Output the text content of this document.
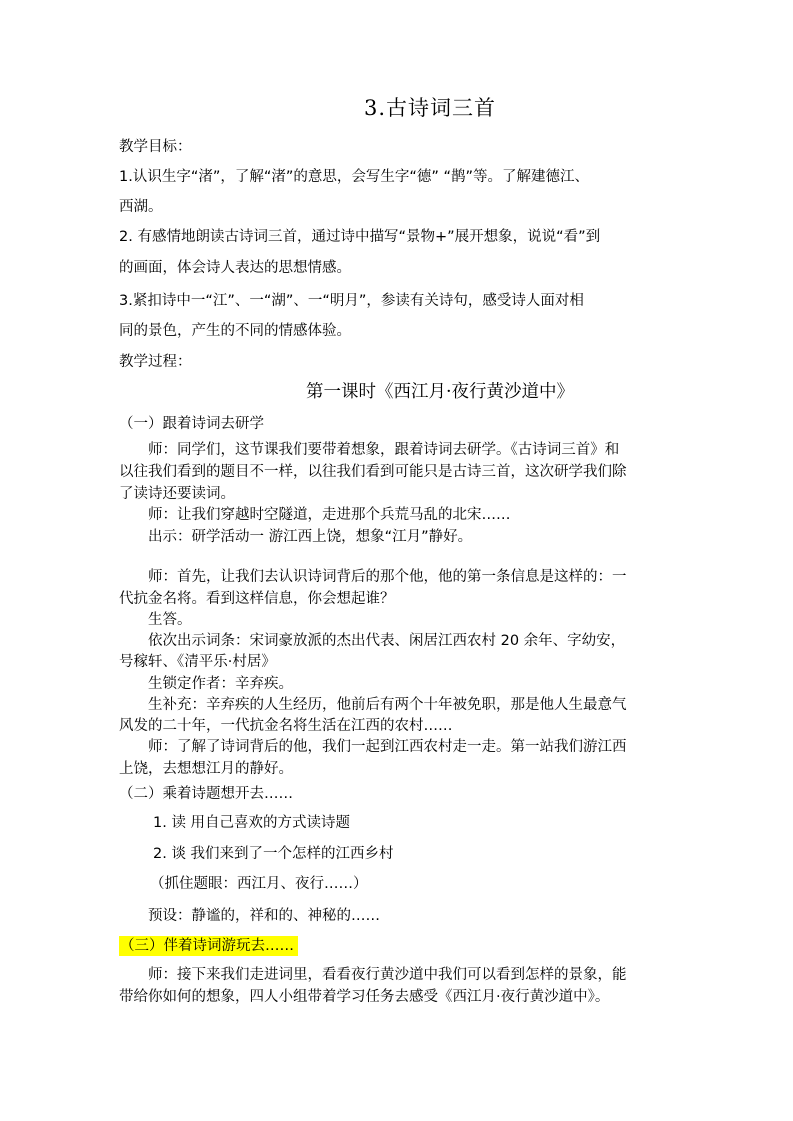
3.古诗词三首
教学目标：
1.认识生字“渚”，了解“渚”的意思，会写生字“德” “鹊”等。了解建德江、
西湖。
2. 有感情地朗读古诗词三首，通过诗中描写“景物+”展开想象，说说“看”到
的画面，体会诗人表达的思想情感。
3.紧扣诗中一“江”、一“湖”、一“明月”，参读有关诗句，感受诗人面对相
同的景色，产生的不同的情感体验。
教学过程：
第一课时《西江月·夜行黄沙道中》
（一）跟着诗词去研学
师：同学们，这节课我们要带着想象，跟着诗词去研学。《古诗词三首》和
以往我们看到的题目不一样，以往我们看到可能只是古诗三首，这次研学我们除
了读诗还要读词。
师：让我们穿越时空隧道，走进那个兵荒马乱的北宋……
出示：研学活动一 游江西上饶，想象“江月”静好。
师：首先，让我们去认识诗词背后的那个他，他的第一条信息是这样的：一
代抗金名将。看到这样信息，你会想起谁？
生答。
依次出示词条：宋词豪放派的杰出代表、闲居江西农村 20 余年、字幼安，
号稼轩、《清平乐·村居》
生锁定作者：辛弃疾。
生补充：辛弃疾的人生经历，他前后有两个十年被免职，那是他人生最意气
风发的二十年，一代抗金名将生活在江西的农村……
师：了解了诗词背后的他，我们一起到江西农村走一走。第一站我们游江西
上饶，去想想江月的静好。
（二）乘着诗题想开去……
1. 读 用自己喜欢的方式读诗题
2. 谈 我们来到了一个怎样的江西乡村
（抓住题眼：西江月、夜行……）
预设：静谧的，祥和的、神秘的……
（三）伴着诗词游玩去……
师：接下来我们走进词里，看看夜行黄沙道中我们可以看到怎样的景象，能
带给你如何的想象，四人小组带着学习任务去感受《西江月·夜行黄沙道中》。
